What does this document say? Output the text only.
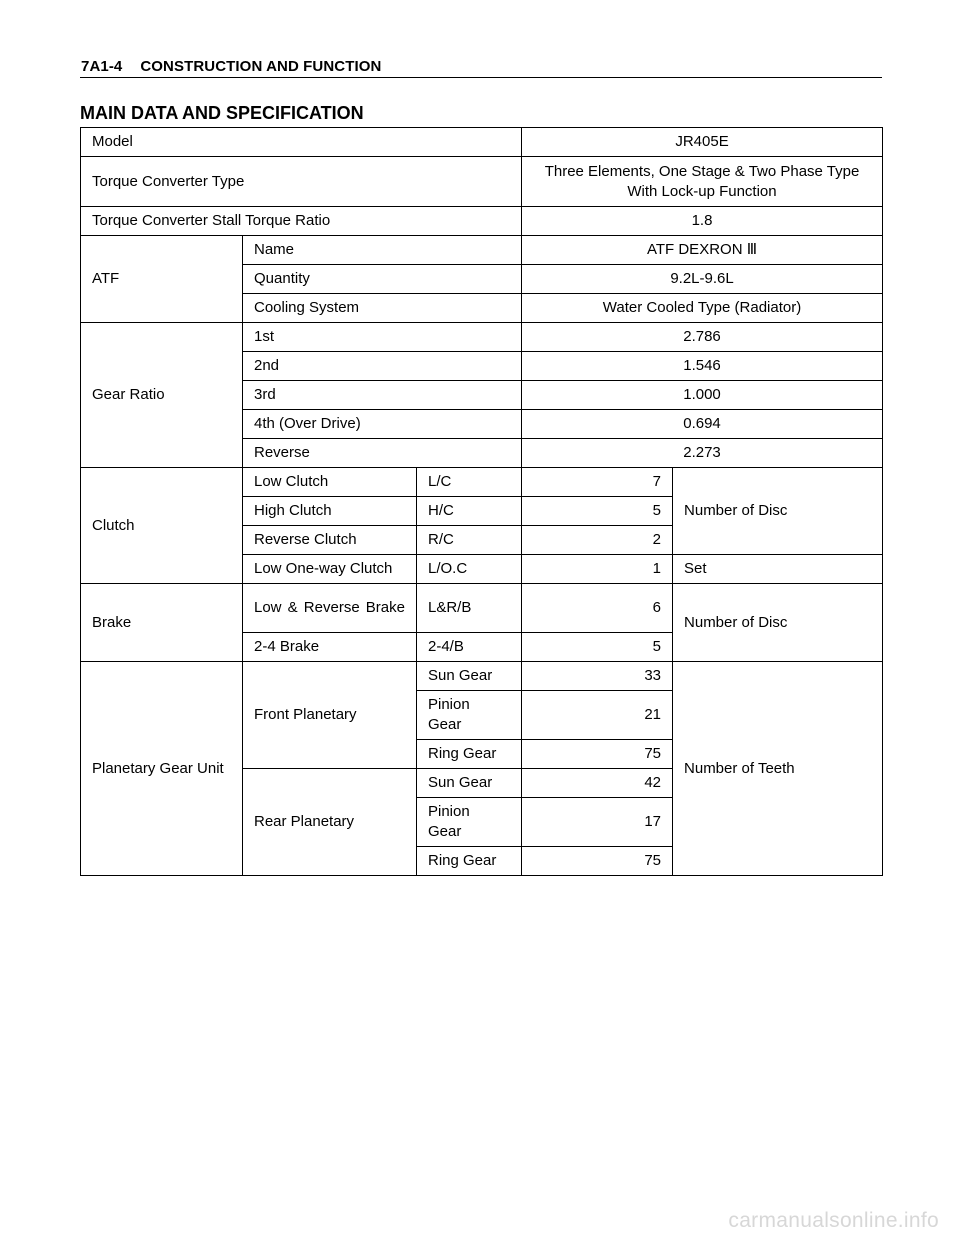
7A1-4 CONSTRUCTION AND FUNCTION
MAIN DATA AND SPECIFICATION
Model			JR405E	
Torque Converter Type			Three Elements, One Stage & Two Phase Type
With Lock-up Function	
Torque Converter Stall Torque Ratio			1.8	
ATF	Name		ATF DEXRON Ⅲ	
	Quantity		9.2L-9.6L	
	Cooling System		Water Cooled Type (Radiator)	
Gear Ratio	1st		2.786	
	2nd		1.546	
	3rd		1.000	
	4th (Over Drive)		0.694	
	Reverse		2.273	
Clutch	Low Clutch	L/C	7	Number of Disc
	High Clutch	H/C	5	
	Reverse Clutch	R/C	2	
	Low One-way Clutch	L/O.C	1	Set
Brake	Low & Reverse Brake	L&R/B	6	Number of Disc
	2-4 Brake	2-4/B	5	
Planetary Gear Unit	Front Planetary	Sun Gear	33	Number of Teeth
		Pinion Gear	21	
		Ring Gear	75	
	Rear Planetary	Sun Gear	42	
		Pinion Gear	17	
		Ring Gear	75	
carmanualsonline.info
